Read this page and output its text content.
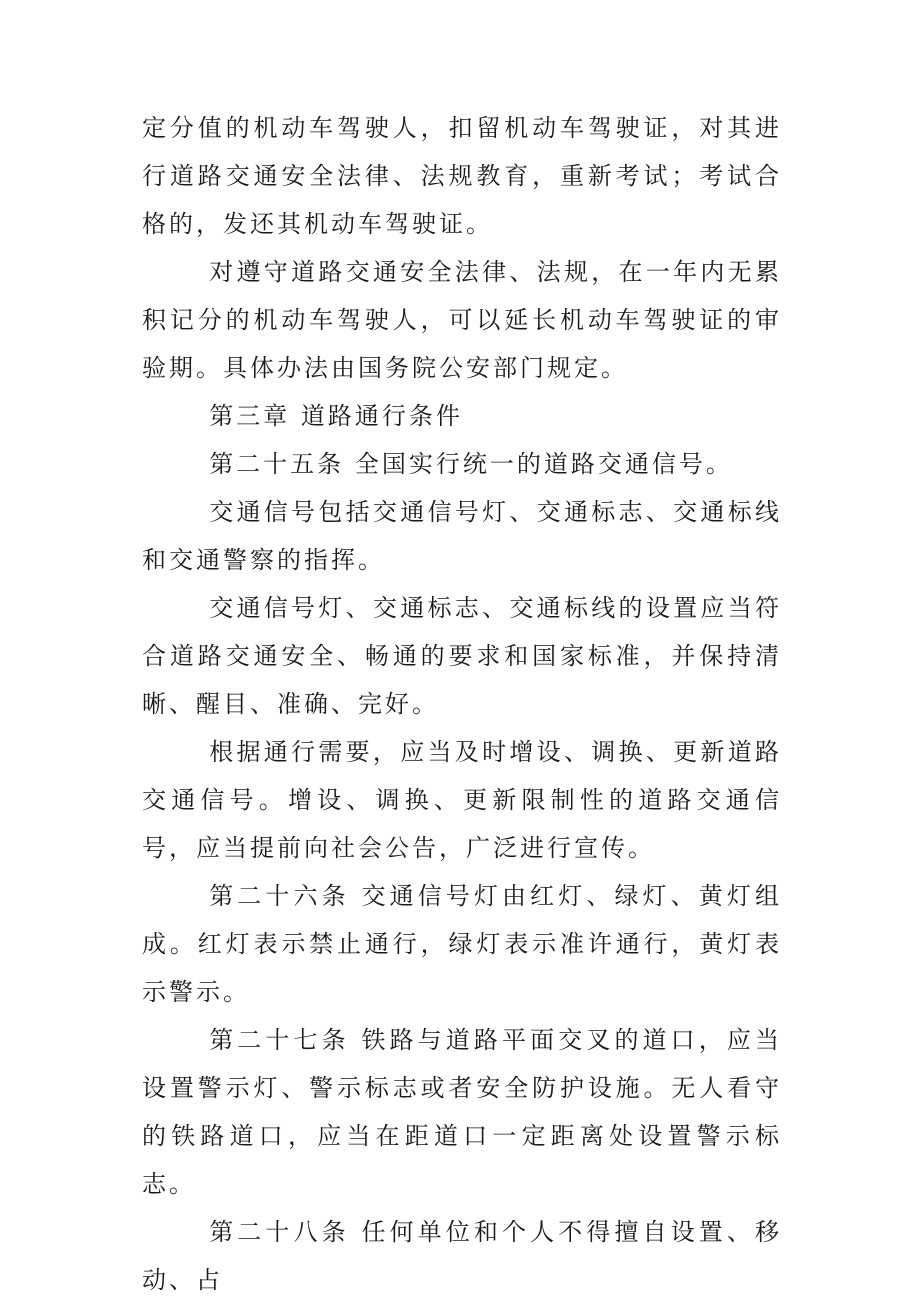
定分值的机动车驾驶人，扣留机动车驾驶证，对其进行道路交通安全法律、法规教育，重新考试；考试合格的，发还其机动车驾驶证。

对遵守道路交通安全法律、法规，在一年内无累积记分的机动车驾驶人，可以延长机动车驾驶证的审验期。具体办法由国务院公安部门规定。

第三章 道路通行条件

第二十五条 全国实行统一的道路交通信号。

交通信号包括交通信号灯、交通标志、交通标线和交通警察的指挥。

交通信号灯、交通标志、交通标线的设置应当符合道路交通安全、畅通的要求和国家标准，并保持清晰、醒目、准确、完好。

根据通行需要，应当及时增设、调换、更新道路交通信号。增设、调换、更新限制性的道路交通信号，应当提前向社会公告，广泛进行宣传。

第二十六条 交通信号灯由红灯、绿灯、黄灯组成。红灯表示禁止通行，绿灯表示准许通行，黄灯表示警示。

第二十七条 铁路与道路平面交叉的道口，应当设置警示灯、警示标志或者安全防护设施。无人看守的铁路道口，应当在距道口一定距离处设置警示标志。

第二十八条 任何单位和个人不得擅自设置、移动、占
